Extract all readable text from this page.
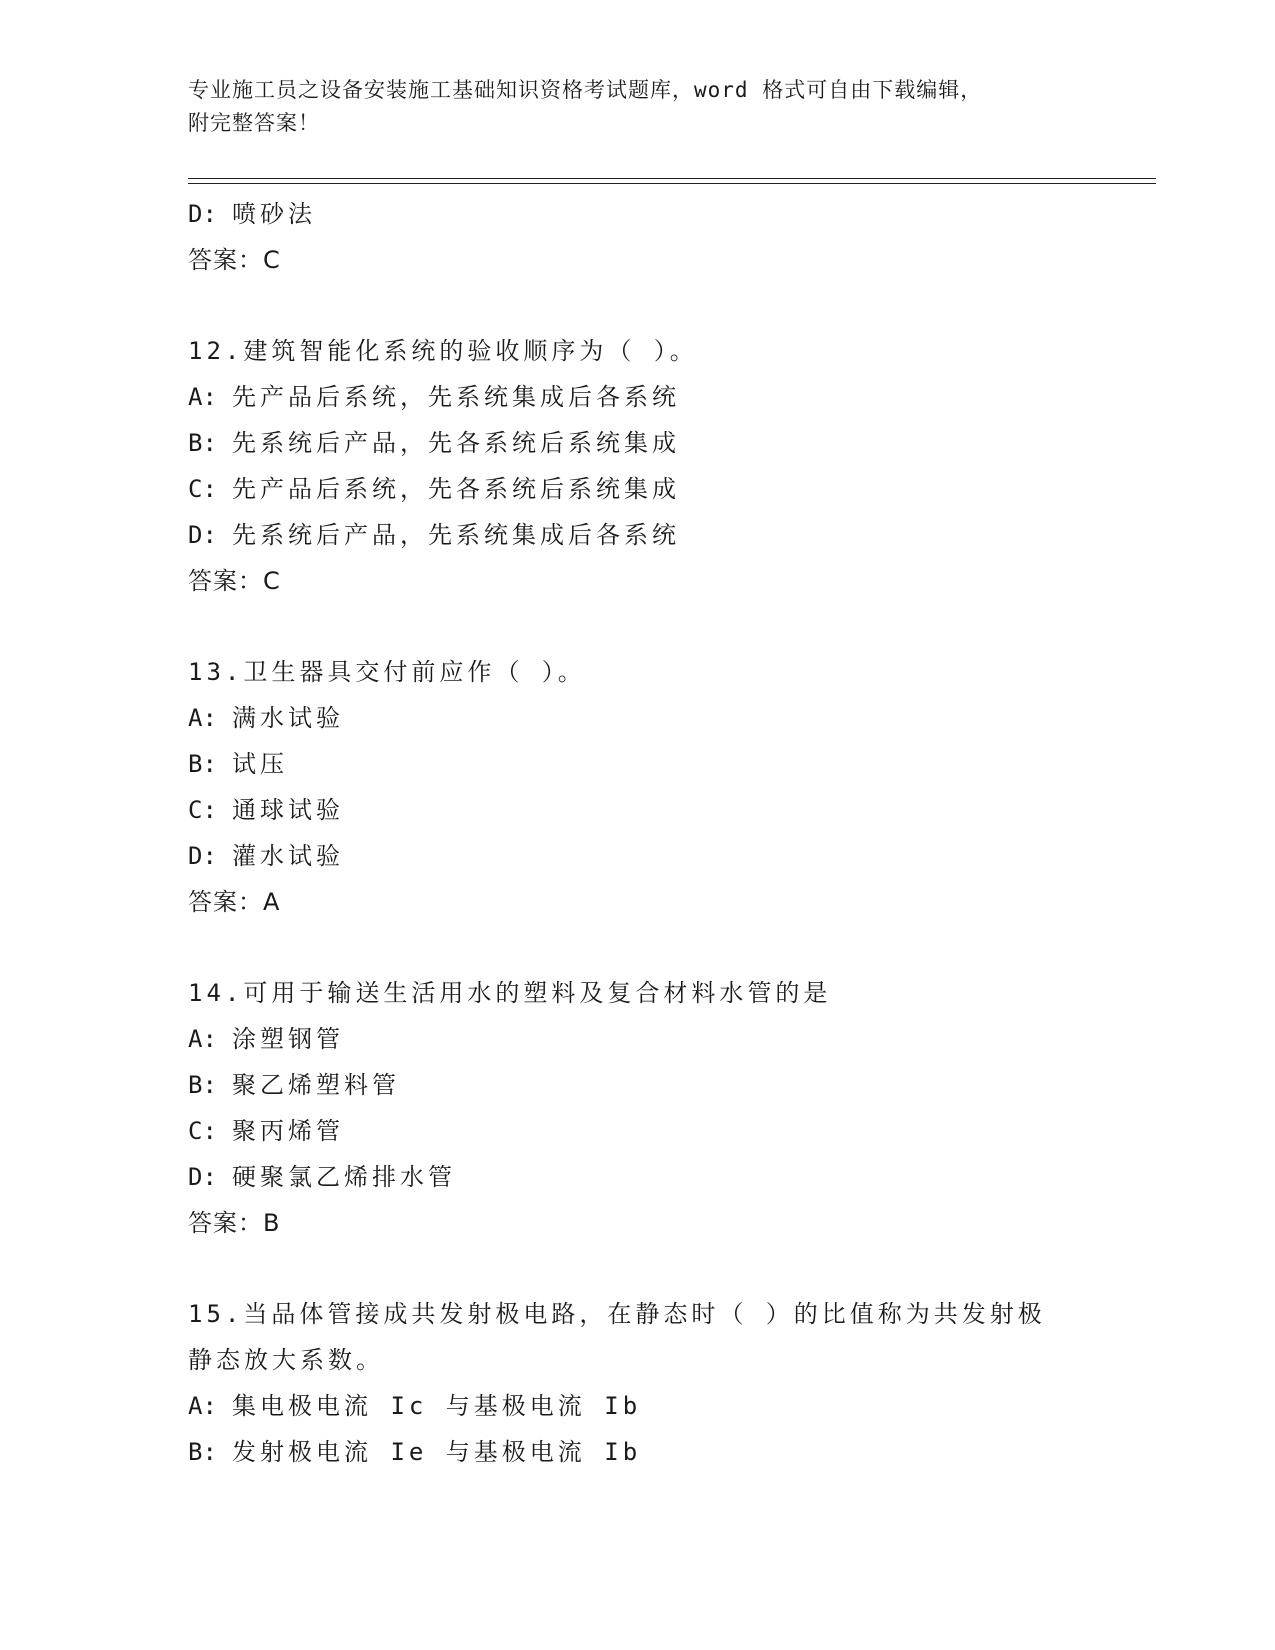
专业施工员之设备安装施工基础知识资格考试题库，word 格式可自由下载编辑，
附完整答案！
D: 喷砂法
答案：C
12.建筑智能化系统的验收顺序为（ ）。
A: 先产品后系统，先系统集成后各系统
B: 先系统后产品，先各系统后系统集成
C: 先产品后系统，先各系统后系统集成
D: 先系统后产品，先系统集成后各系统
答案：C
13.卫生器具交付前应作（ ）。
A: 满水试验
B: 试压
C: 通球试验
D: 灌水试验
答案：A
14.可用于输送生活用水的塑料及复合材料水管的是
A: 涂塑钢管
B: 聚乙烯塑料管
C: 聚丙烯管
D: 硬聚氯乙烯排水管
答案：B
15.当品体管接成共发射极电路，在静态时（ ）的比值称为共发射极
静态放大系数。
A: 集电极电流 Ic 与基极电流 Ib
B: 发射极电流 Ie 与基极电流 Ib
